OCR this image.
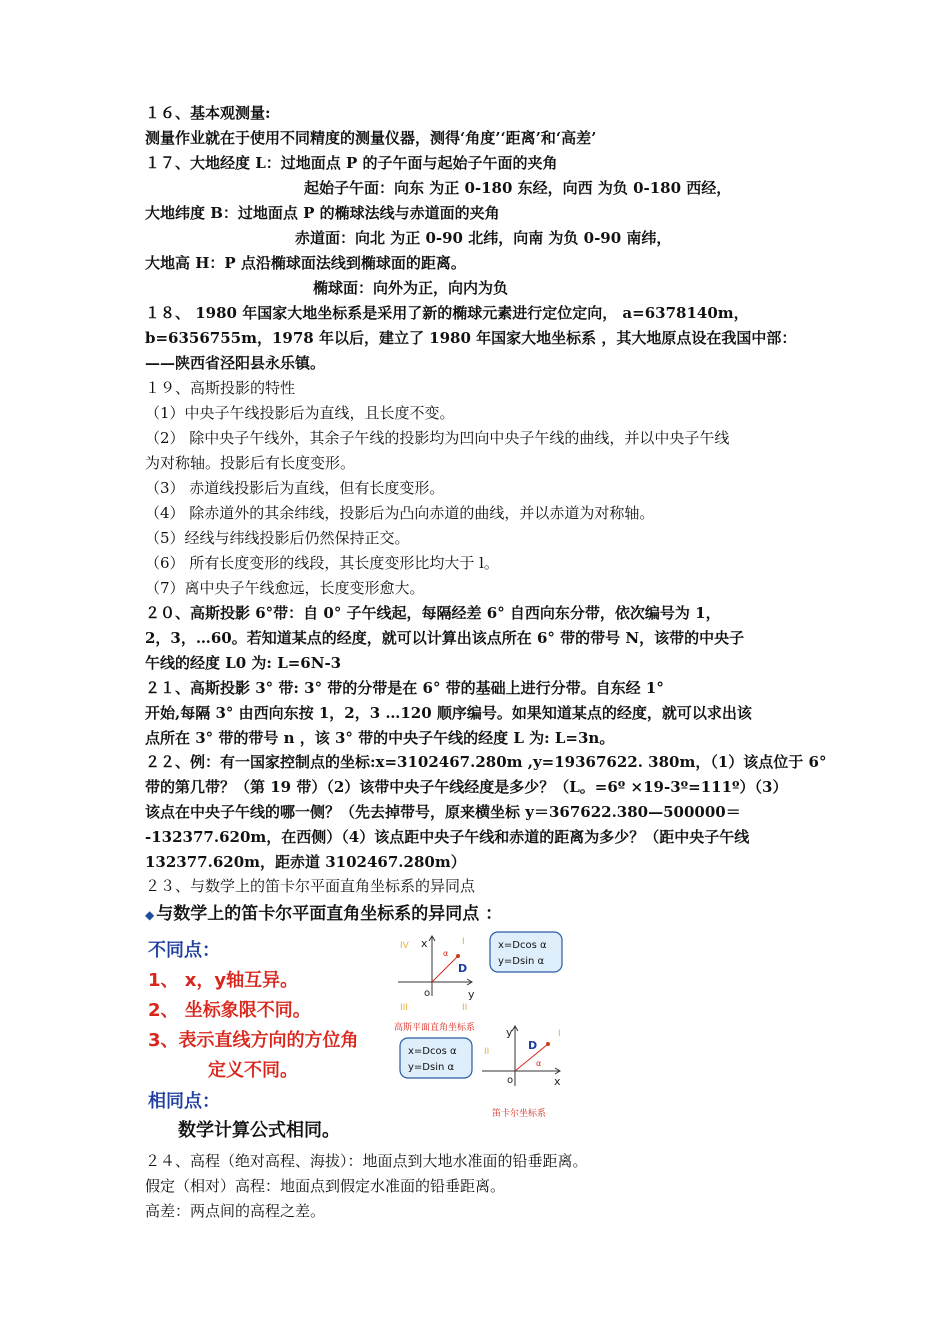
１６、基本观测量:
测量作业就在于使用不同精度的测量仪器，测得‘角度’‘距离’和‘高差’
１７、大地经度 L：过地面点 P 的子午面与起始子午面的夹角
起始子午面：向东 为正 0-180 东经，向西 为负 0-180 西经，
大地纬度 B：过地面点 P 的椭球法线与赤道面的夹角
赤道面：向北 为正 0-90 北纬，向南 为负 0-90 南纬，
大地高 H：P 点沿椭球面法线到椭球面的距离。
椭球面：向外为正，向内为负
１８、 1980 年国家大地坐标系是采用了新的椭球元素进行定位定向， a=6378140m，
b=6356755m，1978 年以后，建立了 1980 年国家大地坐标系 ，其大地原点设在我国中部：
——陕西省泾阳县永乐镇。
１９、高斯投影的特性
（1）中央子午线投影后为直线，且长度不变。
（2） 除中央子午线外，其余子午线的投影均为凹向中央子午线的曲线，并以中央子午线
为对称轴。投影后有长度变形。
（3） 赤道线投影后为直线，但有长度变形。
（4） 除赤道外的其余纬线，投影后为凸向赤道的曲线，并以赤道为对称轴。
（5）经线与纬线投影后仍然保持正交。
（6） 所有长度变形的线段，其长度变形比均大于 l。
（7）离中央子午线愈远，长度变形愈大。
２０、高斯投影 6°带：自 0° 子午线起，每隔经差 6° 自西向东分带，依次编号为 1，
2，3，…60。若知道某点的经度，就可以计算出该点所在 6° 带的带号 N，该带的中央子
午线的经度 L0 为: L=6N-3
２１、高斯投影 3° 带: 3° 带的分带是在 6° 带的基础上进行分带。自东经 1°
开始,每隔 3° 由西向东按 1，2，3 …120 顺序编号。如果知道某点的经度，就可以求出该
点所在 3° 带的带号 n ，该 3° 带的中央子午线的经度 L 为: L=3n。
２２、例：有一国家控制点的坐标:x=3102467.280m ,y=19367622. 380m，（1）该点位于 6°
带的第几带？（第 19 带）（2）该带中央子午线经度是多少？（L。=6º ×19-3º=111º）（3）
该点在中央子午线的哪一侧？（先去掉带号，原来横坐标 y＝367622.380—500000＝
-132377.620m，在西侧）（4）该点距中央子午线和赤道的距离为多少？（距中央子午线
132377.620m，距赤道 3102467.280m）
２３、与数学上的笛卡尔平面直角坐标系的异同点
◆ 与数学上的笛卡尔平面直角坐标系的异同点 ：
不同点：
1、 x，y轴互异。
2、 坐标象限不同。
3、表示直线方向的方位角
定义不同。
相同点：
数学计算公式相同。
x
y
o
D
α
I
II
III
IV	x=Dcos α
y=Dsin α
高斯平面直角坐标系	y
x
o
D
α
I
II
x=Dcos α
y=Dsin α
笛卡尔坐标系
２４、高程（绝对高程、海拔）：地面点到大地水准面的铅垂距离。
假定（相对）高程：地面点到假定水准面的铅垂距离。
高差：两点间的高程之差。
